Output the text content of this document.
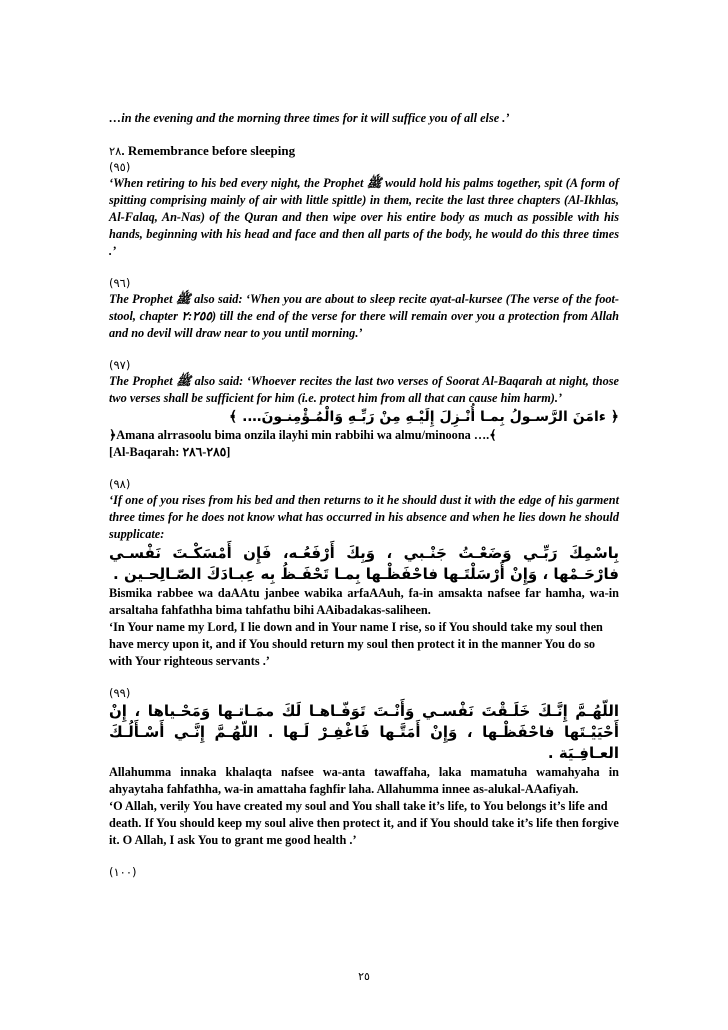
…in the evening and the morning three times for it will suffice you of all else .’

٢٨. Remembrance before sleeping

(٩٥)

‘When retiring to his bed every night, the Prophet ﷺ would hold his palms together, spit (A form of spitting comprising mainly of air with little spittle) in them, recite the last three chapters (Al-Ikhlas, Al-Falaq, An-Nas) of the Quran and then wipe over his entire body as much as possible with his hands, beginning with his head and face and then all parts of the body, he would do this three times .’

(٩٦)

The Prophet ﷺ also said: ‘When you are about to sleep recite ayat-al-kursee (The verse of the foot-stool, chapter ٢:٢٥٥) till the end of the verse for there will remain over you a protection from Allah and no devil will draw near to you until morning.’

(٩٧)

The Prophet ﷺ also said: ‘Whoever recites the last two verses of Soorat Al-Baqarah at night, those two verses shall be sufficient for him (i.e. protect him from all that can cause him harm).’

﴿ ءامَنَ الرَّسـولُ بِمـا أُنْـزِلَ إِلَيْـهِ مِنْ رَبِّـهِ وَالْمُـؤْمِنـونَ…. ﴾

﴿Amana alrrasoolu bima onzila ilayhi min rabbihi wa almu/minoona ….﴾

[Al-Baqarah: ٢٨٥-٢٨٦]

(٩٨)

‘If one of you rises from his bed and then returns to it he should dust it with the edge of his garment three times for he does not know what has occurred in his absence and when he lies down he should supplicate:

بِاسْمِكَ رَبِّـي وَضَعْـتُ جَنْـبي ، وَبِكَ أَرْفَعُـه، فَإِن أَمْسَكْـتَ نَفْسـي فارْحَـمْها ، وَإِنْ أَرْسَلْتَـها فاحْفَظْـها بِمـا تَحْفَـظُ بِه عِبـادَكَ الصّـالِحـين .

Bismika rabbee wa daAAtu janbee wabika arfaAAuh, fa-in amsakta nafsee far hamha, wa-in arsaltaha fahfathha bima tahfathu bihi AAibadakas-saliheen.

‘In Your name my Lord, I lie down and in Your name I rise, so if You should take my soul then have mercy upon it, and if You should return my soul then protect it in the manner You do so with Your righteous servants .’

(٩٩)

اللّهُـمَّ إِنَّـكَ خَلَـقْتَ نَفْسـي وَأَنْـتَ تَوَفّـاهـا لَكَ ممَـاتـها وَمَحْـياها ، إِنْ أَحْيَيْـتَها فاحْفَظْـها ، وَإِنْ أَمَتَّـها فَاغْفِـرْ لَـها . اللّهُـمَّ إِنَّـي أَسْـأَلُـكَ العـافِـيَة .

Allahumma innaka khalaqta nafsee wa-anta tawaffaha, laka mamatuha wamahyaha in ahyaytaha fahfathha, wa-in amattaha faghfir laha. Allahumma innee as-alukal-AAafiyah.

‘O Allah, verily You have created my soul and You shall take it’s life, to You belongs it’s life and death. If You should keep my soul alive then protect it, and if You should take it’s life then forgive it. O Allah, I ask You to grant me good health .’

(١٠٠)

٢٥
